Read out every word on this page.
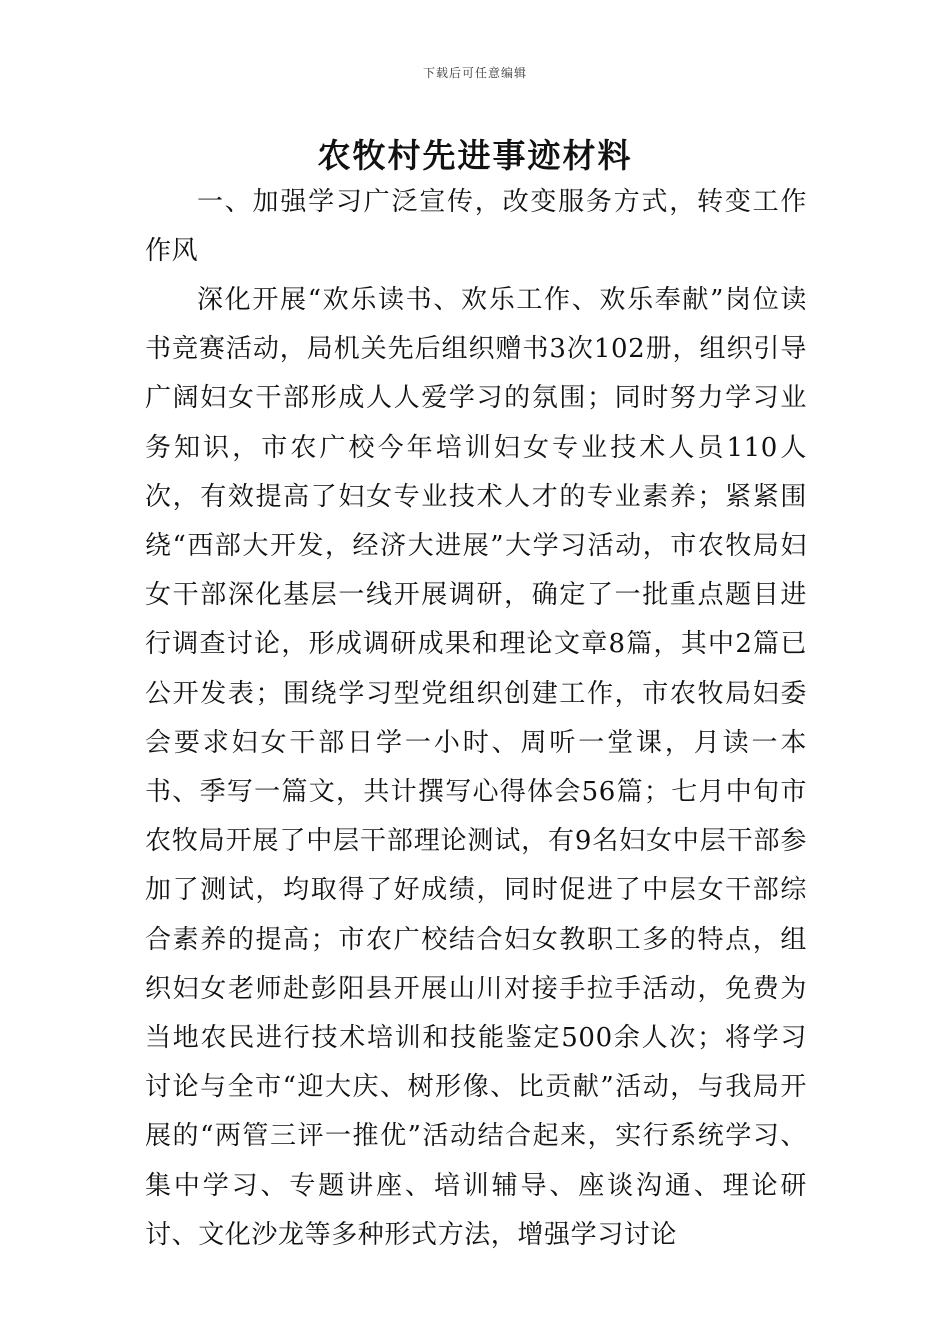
下载后可任意编辑
农牧村先进事迹材料

一、加强学习广泛宣传，改变服务方式，转变工作作风

深化开展“欢乐读书、欢乐工作、欢乐奉献”岗位读书竞赛活动，局机关先后组织赠书3次102册，组织引导广阔妇女干部形成人人爱学习的氛围；同时努力学习业务知识，市农广校今年培训妇女专业技术人员110人次，有效提高了妇女专业技术人才的专业素养；紧紧围绕“西部大开发，经济大进展”大学习活动，市农牧局妇女干部深化基层一线开展调研，确定了一批重点题目进行调查讨论，形成调研成果和理论文章8篇，其中2篇已公开发表；围绕学习型党组织创建工作，市农牧局妇委会要求妇女干部日学一小时、周听一堂课，月读一本书、季写一篇文，共计撰写心得体会56篇；七月中旬市农牧局开展了中层干部理论测试，有9名妇女中层干部参加了测试，均取得了好成绩，同时促进了中层女干部综合素养的提高；市农广校结合妇女教职工多的特点，组织妇女老师赴彭阳县开展山川对接手拉手活动，免费为当地农民进行技术培训和技能鉴定500余人次；将学习讨论与全市“迎大庆、树形像、比贡献”活动，与我局开展的“两管三评一推优”活动结合起来，实行系统学习、集中学习、专题讲座、培训辅导、座谈沟通、理论研讨、文化沙龙等多种形式方法，增强学习讨论
